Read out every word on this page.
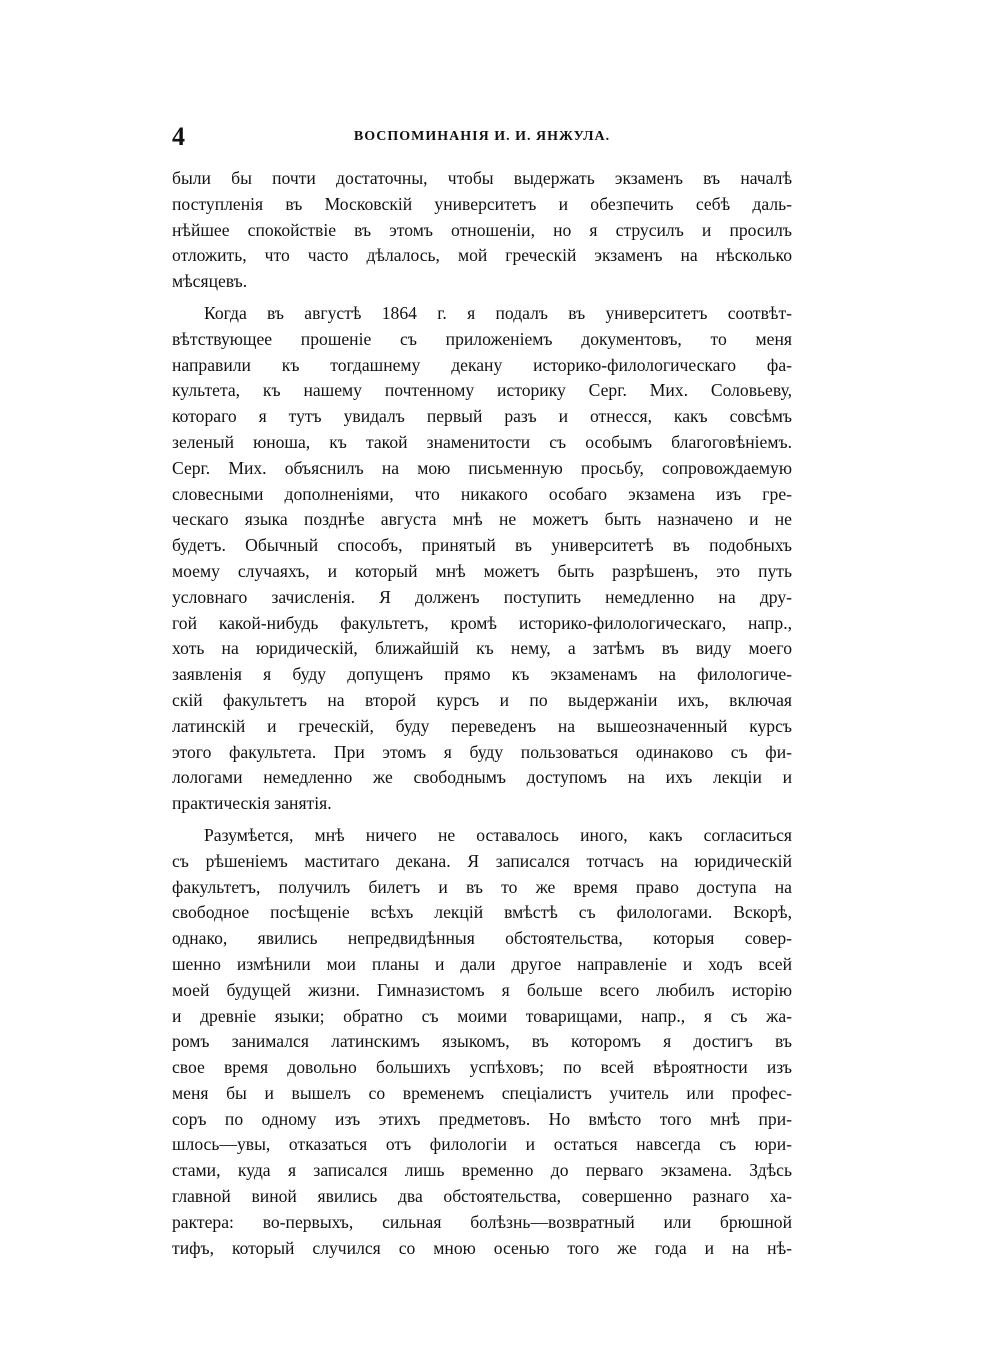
4	ВОСПОМИНАНІЯ И. И. ЯНЖУЛА.
были бы почти достаточны, чтобы выдержать экзаменъ въ началѣ
поступленія въ Московскій университетъ и обезпечить себѣ даль-
нѣйшее спокойствіе въ этомъ отношеніи, но я струсилъ и просилъ
отложить, что часто дѣлалось, мой греческій экзаменъ на нѣсколько
мѣсяцевъ.
Когда въ августѣ 1864 г. я подалъ въ университетъ соотвѣт-
вѣтствующее прошеніе съ приложеніемъ документовъ, то меня
направили къ тогдашнему декану историко-филологическаго фа-
культета, къ нашему почтенному историку Серг. Мих. Соловьеву,
котораго я тутъ увидалъ первый разъ и отнесся, какъ совсѣмъ
зеленый юноша, къ такой знаменитости съ особымъ благоговѣніемъ.
Серг. Мих. объяснилъ на мою письменную просьбу, сопровождаемую
словесными дополненіями, что никакого особаго экзамена изъ гре-
ческаго языка позднѣе августа мнѣ не можетъ быть назначено и не
будетъ. Обычный способъ, принятый въ университетѣ въ подобныхъ
моему случаяхъ, и который мнѣ можетъ быть разрѣшенъ, это путь
условнаго зачисленія. Я долженъ поступить немедленно на дру-
гой какой-нибудь факультетъ, кромѣ историко-филологическаго, напр.,
хоть на юридическій, ближайшій къ нему, а затѣмъ въ виду моего
заявленія я буду допущенъ прямо къ экзаменамъ на филологиче-
скій факультетъ на второй курсъ и по выдержаніи ихъ, включая
латинскій и греческій, буду переведенъ на вышеозначенный курсъ
этого факультета. При этомъ я буду пользоваться одинаково съ фи-
лологами немедленно же свободнымъ доступомъ на ихъ лекціи и
практическія занятія.
Разумѣется, мнѣ ничего не оставалось иного, какъ согласиться
съ рѣшеніемъ маститаго декана. Я записался тотчасъ на юридическій
факультетъ, получилъ билетъ и въ то же время право доступа на
свободное посѣщеніе всѣхъ лекцій вмѣстѣ съ филологами. Вскорѣ,
однако, явились непредвидѣнныя обстоятельства, которыя совер-
шенно измѣнили мои планы и дали другое направленіе и ходъ всей
моей будущей жизни. Гимназистомъ я больше всего любилъ исторію
и древніе языки; обратно съ моими товарищами, напр., я съ жа-
ромъ занимался латинскимъ языкомъ, въ которомъ я достигъ въ
свое время довольно большихъ успѣховъ; по всей вѣроятности изъ
меня бы и вышелъ со временемъ спеціалистъ учитель или профес-
соръ по одному изъ этихъ предметовъ. Но вмѣсто того мнѣ при-
шлось—увы, отказаться отъ филологіи и остаться навсегда съ юри-
стами, куда я записался лишь временно до перваго экзамена. Здѣсь
главной виной явились два обстоятельства, совершенно разнаго ха-
рактера: во-первыхъ, сильная болѣзнь—возвратный или брюшной
тифъ, который случился со мною осенью того же года и на нѣ-
